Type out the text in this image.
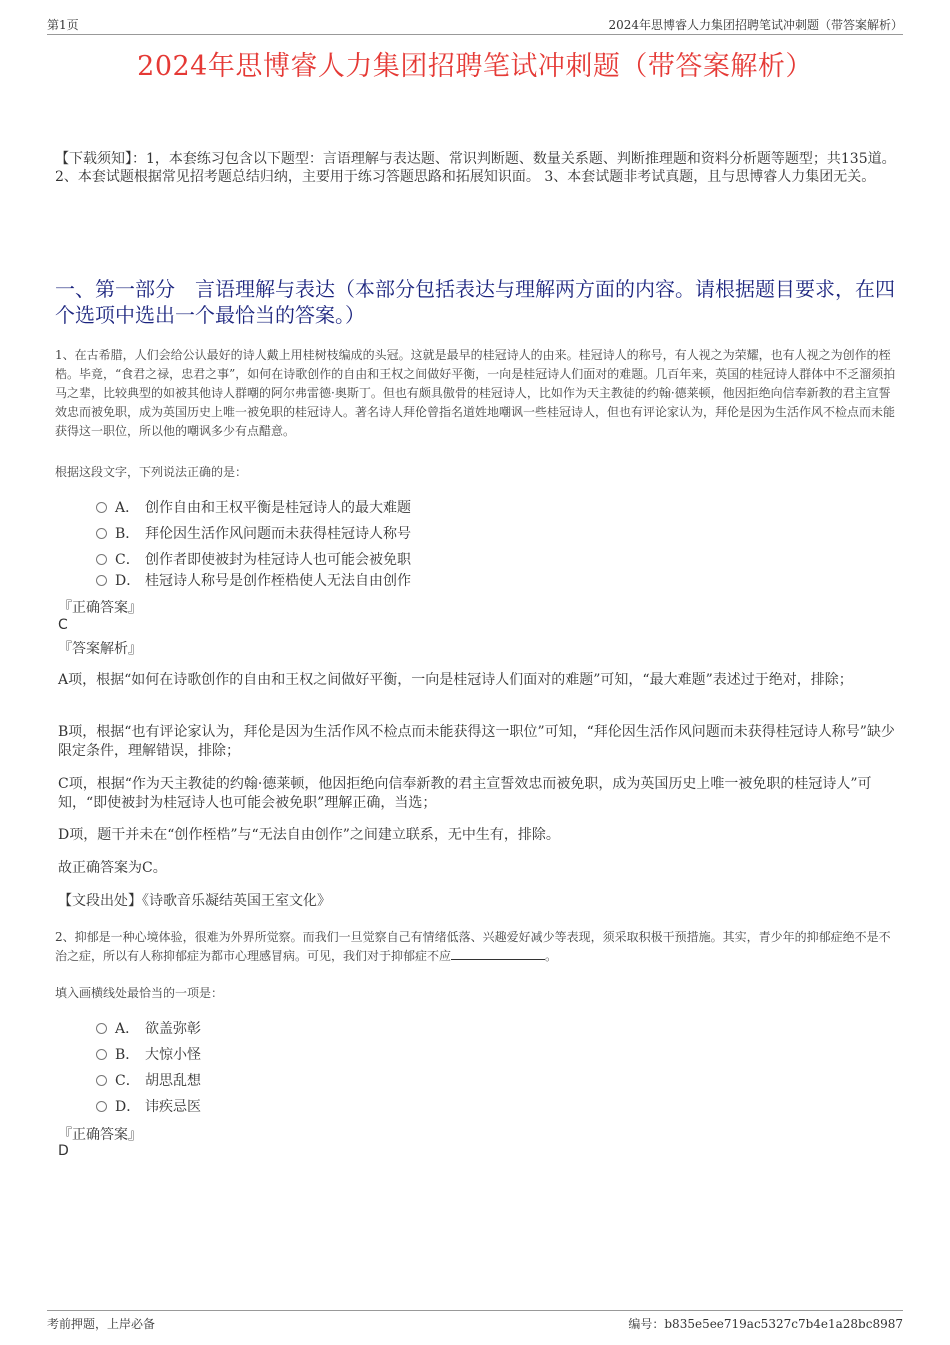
第1页	2024年思博睿人力集团招聘笔试冲刺题（带答案解析）
2024年思博睿人力集团招聘笔试冲刺题（带答案解析）
【下载须知】：1，本套练习包含以下题型：言语理解与表达题、常识判断题、数量关系题、判断推理题和资料分析题等题型；共135道。 2、本套试题根据常见招考题总结归纳，主要用于练习答题思路和拓展知识面。 3、本套试题非考试真题，且与思博睿人力集团无关。
一、第一部分　言语理解与表达（本部分包括表达与理解两方面的内容。请根据题目要求，在四个选项中选出一个最恰当的答案。）
1、在古希腊，人们会给公认最好的诗人戴上用桂树枝编成的头冠。这就是最早的桂冠诗人的由来。桂冠诗人的称号，有人视之为荣耀，也有人视之为创作的桎梏。毕竟，“食君之禄，忠君之事”，如何在诗歌创作的自由和王权之间做好平衡，一向是桂冠诗人们面对的难题。几百年来，英国的桂冠诗人群体中不乏溜须拍马之辈，比较典型的如被其他诗人群嘲的阿尔弗雷德·奥斯丁。但也有颇具傲骨的桂冠诗人，比如作为天主教徒的约翰·德莱顿，他因拒绝向信奉新教的君主宣誓效忠而被免职，成为英国历史上唯一被免职的桂冠诗人。著名诗人拜伦曾指名道姓地嘲讽一些桂冠诗人，但也有评论家认为，拜伦是因为生活作风不检点而未能获得这一职位，所以他的嘲讽多少有点醋意。
根据这段文字，下列说法正确的是：
A． 创作自由和王权平衡是桂冠诗人的最大难题
B． 拜伦因生活作风问题而未获得桂冠诗人称号
C． 创作者即使被封为桂冠诗人也可能会被免职
D． 桂冠诗人称号是创作桎梏使人无法自由创作
『正确答案』
C
『答案解析』
A项，根据“如何在诗歌创作的自由和王权之间做好平衡，一向是桂冠诗人们面对的难题”可知，“最大难题”表述过于绝对，排除；
B项，根据“也有评论家认为，拜伦是因为生活作风不检点而未能获得这一职位”可知，“拜伦因生活作风问题而未获得桂冠诗人称号”缺少限定条件，理解错误，排除；
C项，根据“作为天主教徒的约翰·德莱顿，他因拒绝向信奉新教的君主宣誓效忠而被免职，成为英国历史上唯一被免职的桂冠诗人”可知，“即使被封为桂冠诗人也可能会被免职”理解正确，当选；
D项，题干并未在“创作桎梏”与“无法自由创作”之间建立联系，无中生有，排除。
故正确答案为C。
【文段出处】《诗歌音乐凝结英国王室文化》
2、抑郁是一种心境体验，很难为外界所觉察。而我们一旦觉察自己有情绪低落、兴趣爱好减少等表现，须采取积极干预措施。其实，青少年的抑郁症绝不是不治之症，所以有人称抑郁症为都市心理感冒病。可见，我们对于抑郁症不应	。
填入画横线处最恰当的一项是：
A． 欲盖弥彰
B． 大惊小怪
C． 胡思乱想
D． 讳疾忌医
『正确答案』
D
考前押题，上岸必备	编号：b835e5ee719ac5327c7b4e1a28bc8987
